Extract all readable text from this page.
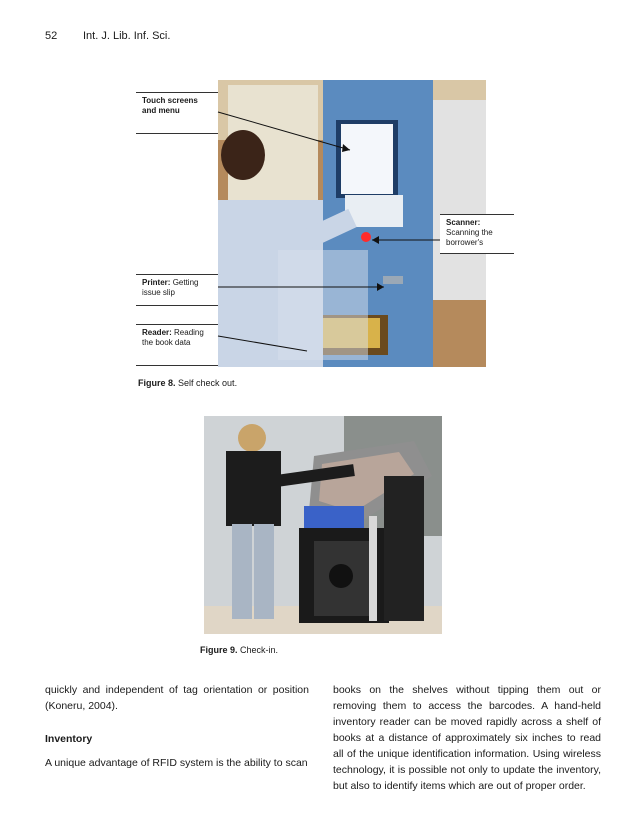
52 Int. J. Lib. Inf. Sci.
Touch screens and menu
Scanner:
Scanning the borrower's
Printer: Getting issue slip
Reader: Reading the book data
Figure 8. Self check out.
Figure 9. Check-in.
quickly and independent of tag orientation or position (Koneru, 2004).
Inventory
A unique advantage of RFID system is the ability to scan
books on the shelves without tipping them out or removing them to access the barcodes. A hand-held inventory reader can be moved rapidly across a shelf of books at a distance of approximately six inches to read all of the unique identification information. Using wireless technology, it is possible not only to update the inventory, but also to identify items which are out of proper order.
